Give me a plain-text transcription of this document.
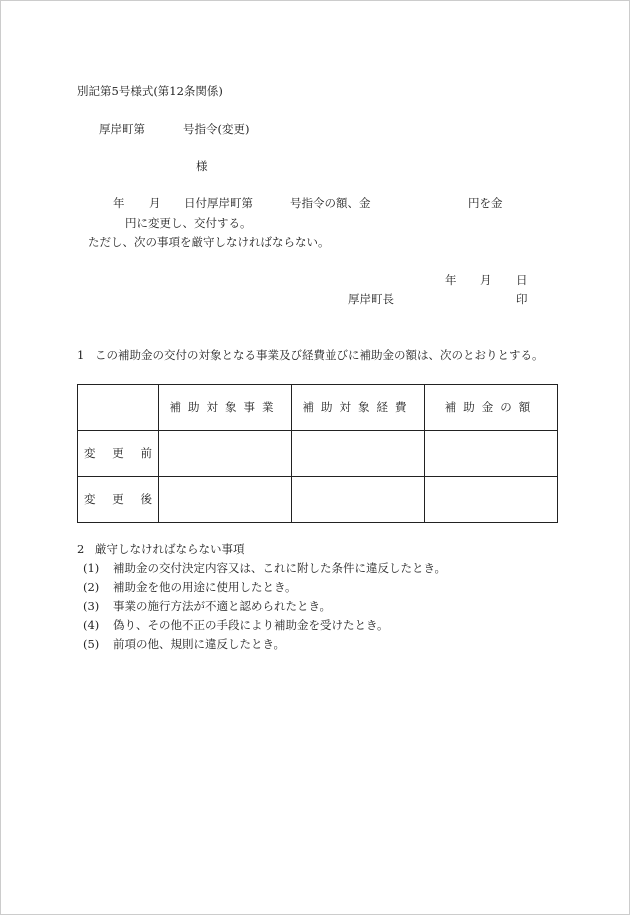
別記第5号様式(第12条関係)
厚岸町第	号指令(変更)
様
年 月 日付厚岸町第	号指令の額、金	円を金
円に変更し、交付する。
ただし、次の事項を厳守しなければならない。
年 月 日
厚岸町長	印
1 この補助金の交付の対象となる事業及び経費並びに補助金の額は、次のとおりとする。
	補助対象事業	補助対象経費	補助金の額
変更前			
変更後			
2 厳守しなければならない事項
(1) 補助金の交付決定内容又は、これに附した条件に違反したとき。
(2) 補助金を他の用途に使用したとき。
(3) 事業の施行方法が不適と認められたとき。
(4) 偽り、その他不正の手段により補助金を受けたとき。
(5) 前項の他、規則に違反したとき。
